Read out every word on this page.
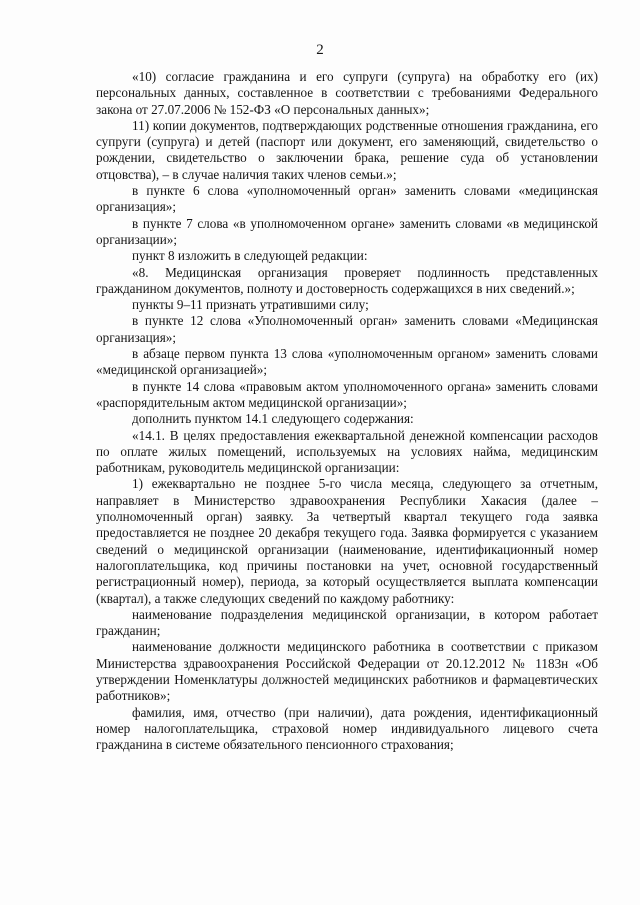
2

«10) согласие гражданина и его супруги (супруга) на обработку его (их) персональных данных, составленное в соответствии с требованиями Федерального закона от 27.07.2006 № 152-ФЗ «О персональных данных»;

11) копии документов, подтверждающих родственные отношения гражданина, его супруги (супруга) и детей (паспорт или документ, его заменяющий, свидетельство о рождении, свидетельство о заключении брака, решение суда об установлении отцовства), – в случае наличия таких членов семьи.»;

в пункте 6 слова «уполномоченный орган» заменить словами «медицинская организация»;

в пункте 7 слова «в уполномоченном органе» заменить словами «в медицинской организации»;

пункт 8 изложить в следующей редакции:

«8. Медицинская организация проверяет подлинность представленных гражданином документов, полноту и достоверность содержащихся в них сведений.»;

пункты 9–11 признать утратившими силу;

в пункте 12 слова «Уполномоченный орган» заменить словами «Медицинская организация»;

в абзаце первом пункта 13 слова «уполномоченным органом» заменить словами «медицинской организацией»;

в пункте 14 слова «правовым актом уполномоченного органа» заменить словами «распорядительным актом медицинской организации»;

дополнить пунктом 14.1 следующего содержания:

«14.1. В целях предоставления ежеквартальной денежной компенсации расходов по оплате жилых помещений, используемых на условиях найма, медицинским работникам, руководитель медицинской организации:

1) ежеквартально не позднее 5-го числа месяца, следующего за отчетным, направляет в Министерство здравоохранения Республики Хакасия (далее – уполномоченный орган) заявку. За четвертый квартал текущего года заявка предоставляется не позднее 20 декабря текущего года. Заявка формируется с указанием сведений о медицинской организации (наименование, идентификационный номер налогоплательщика, код причины постановки на учет, основной государственный регистрационный номер), периода, за который осуществляется выплата компенсации (квартал), а также следующих сведений по каждому работнику:

наименование подразделения медицинской организации, в котором работает гражданин;

наименование должности медицинского работника в соответствии с приказом Министерства здравоохранения Российской Федерации от 20.12.2012 № 1183н «Об утверждении Номенклатуры должностей медицинских работников и фармацевтических работников»;

фамилия, имя, отчество (при наличии), дата рождения, идентификационный номер налогоплательщика, страховой номер индивидуального лицевого счета гражданина в системе обязательного пенсионного страхования;
